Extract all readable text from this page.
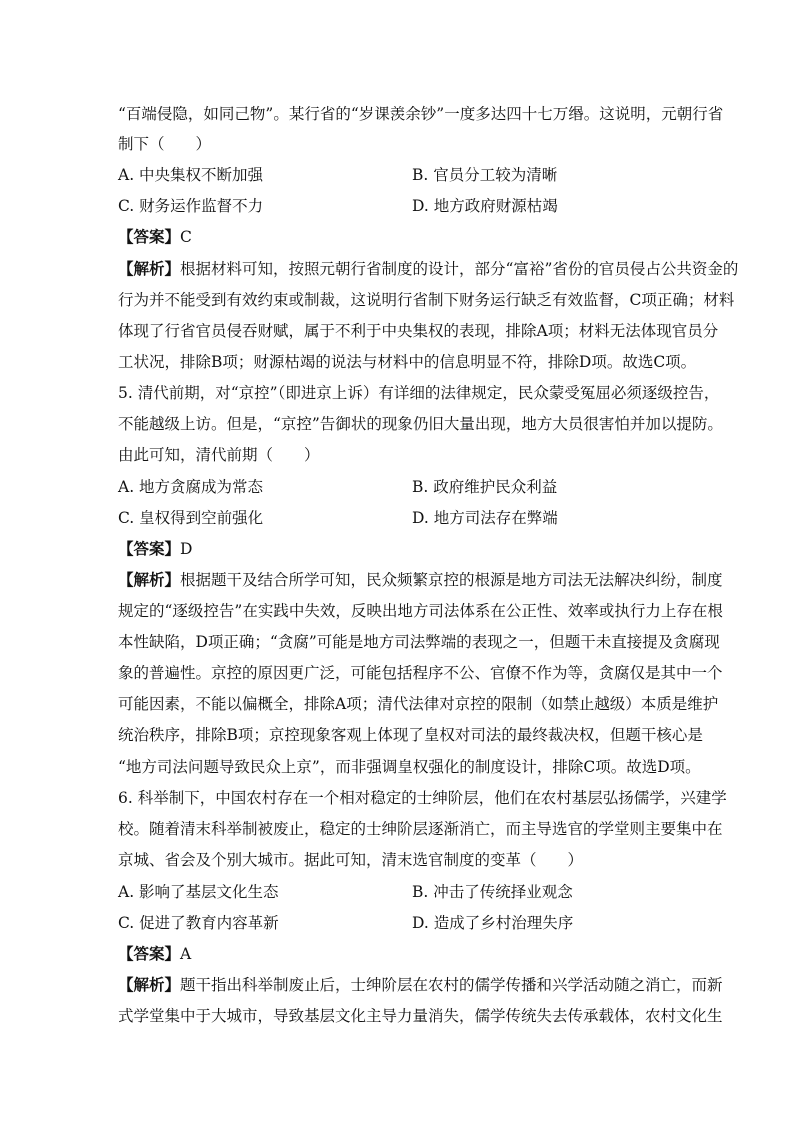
“百端侵隐，如同己物”。某行省的“岁课羡余钞”一度多达四十七万缗。这说明，元朝行省
制下（　　）
A. 中央集权不断加强	B. 官员分工较为清晰
C. 财务运作监督不力	D. 地方政府财源枯竭
【答案】C
【解析】根据材料可知，按照元朝行省制度的设计，部分“富裕”省份的官员侵占公共资金的
行为并不能受到有效约束或制裁，这说明行省制下财务运行缺乏有效监督，C项正确；材料
体现了行省官员侵吞财赋，属于不利于中央集权的表现，排除A项；材料无法体现官员分
工状况，排除B项；财源枯竭的说法与材料中的信息明显不符，排除D项。故选C项。
5. 清代前期，对“京控”（即进京上诉）有详细的法律规定，民众蒙受冤屈必须逐级控告，
不能越级上访。但是，“京控”告御状的现象仍旧大量出现，地方大员很害怕并加以提防。
由此可知，清代前期（　　）
A. 地方贪腐成为常态	B. 政府维护民众利益
C. 皇权得到空前强化	D. 地方司法存在弊端
【答案】D
【解析】根据题干及结合所学可知，民众频繁京控的根源是地方司法无法解决纠纷，制度
规定的“逐级控告”在实践中失效，反映出地方司法体系在公正性、效率或执行力上存在根
本性缺陷，D项正确；“贪腐”可能是地方司法弊端的表现之一，但题干未直接提及贪腐现
象的普遍性。京控的原因更广泛，可能包括程序不公、官僚不作为等，贪腐仅是其中一个
可能因素，不能以偏概全，排除A项；清代法律对京控的限制（如禁止越级）本质是维护
统治秩序，排除B项；京控现象客观上体现了皇权对司法的最终裁决权，但题干核心是
“地方司法问题导致民众上京”，而非强调皇权强化的制度设计，排除C项。故选D项。
6. 科举制下，中国农村存在一个相对稳定的士绅阶层，他们在农村基层弘扬儒学，兴建学
校。随着清末科举制被废止，稳定的士绅阶层逐渐消亡，而主导选官的学堂则主要集中在
京城、省会及个别大城市。据此可知，清末选官制度的变革（　　）
A. 影响了基层文化生态	B. 冲击了传统择业观念
C. 促进了教育内容革新	D. 造成了乡村治理失序
【答案】A
【解析】题干指出科举制废止后，士绅阶层在农村的儒学传播和兴学活动随之消亡，而新
式学堂集中于大城市，导致基层文化主导力量消失，儒学传统失去传承载体，农村文化生
